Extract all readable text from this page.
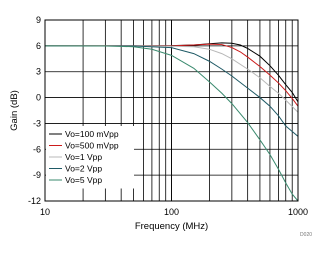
9
6
3
0
-3
-6
-9
-12
10	100	1000
Frequency (MHz)
Gain (dB)
Vo=100 mVpp
Vo=500 mVpp
Vo=1 Vpp
Vo=2 Vpp
Vo=5 Vpp
D020
